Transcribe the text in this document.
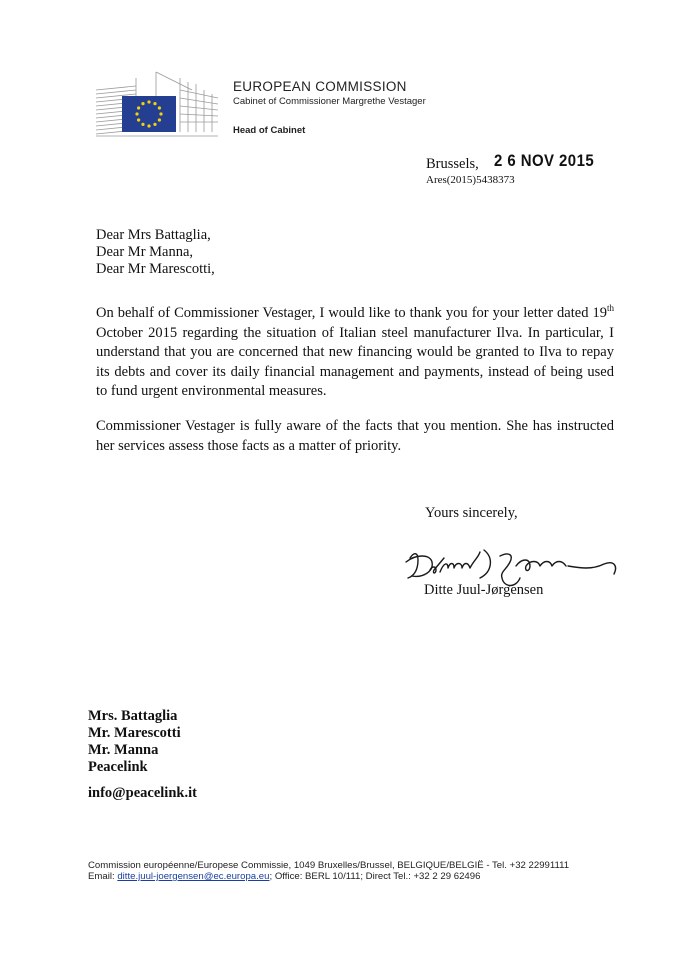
EUROPEAN COMMISSION
Cabinet of Commissioner Margrethe Vestager
Head of Cabinet
Brussels, 2 6 NOV 2015
Ares(2015)5438373
Dear Mrs Battaglia,
Dear Mr Manna,
Dear Mr Marescotti,
On behalf of Commissioner Vestager, I would like to thank you for your letter dated 19th October 2015 regarding the situation of Italian steel manufacturer Ilva. In particular, I understand that you are concerned that new financing would be granted to Ilva to repay its debts and cover its daily financial management and payments, instead of being used to fund urgent environmental measures.
Commissioner Vestager is fully aware of the facts that you mention. She has instructed her services assess those facts as a matter of priority.
Yours sincerely,
Ditte Juul-Jørgensen
Mrs. Battaglia
Mr. Marescotti
Mr. Manna
Peacelink
info@peacelink.it
Commission européenne/Europese Commissie, 1049 Bruxelles/Brussel, BELGIQUE/BELGIË - Tel. +32 22991111
Email: ditte.juul-joergensen@ec.europa.eu; Office: BERL 10/111; Direct Tel.: +32 2 29 62496
